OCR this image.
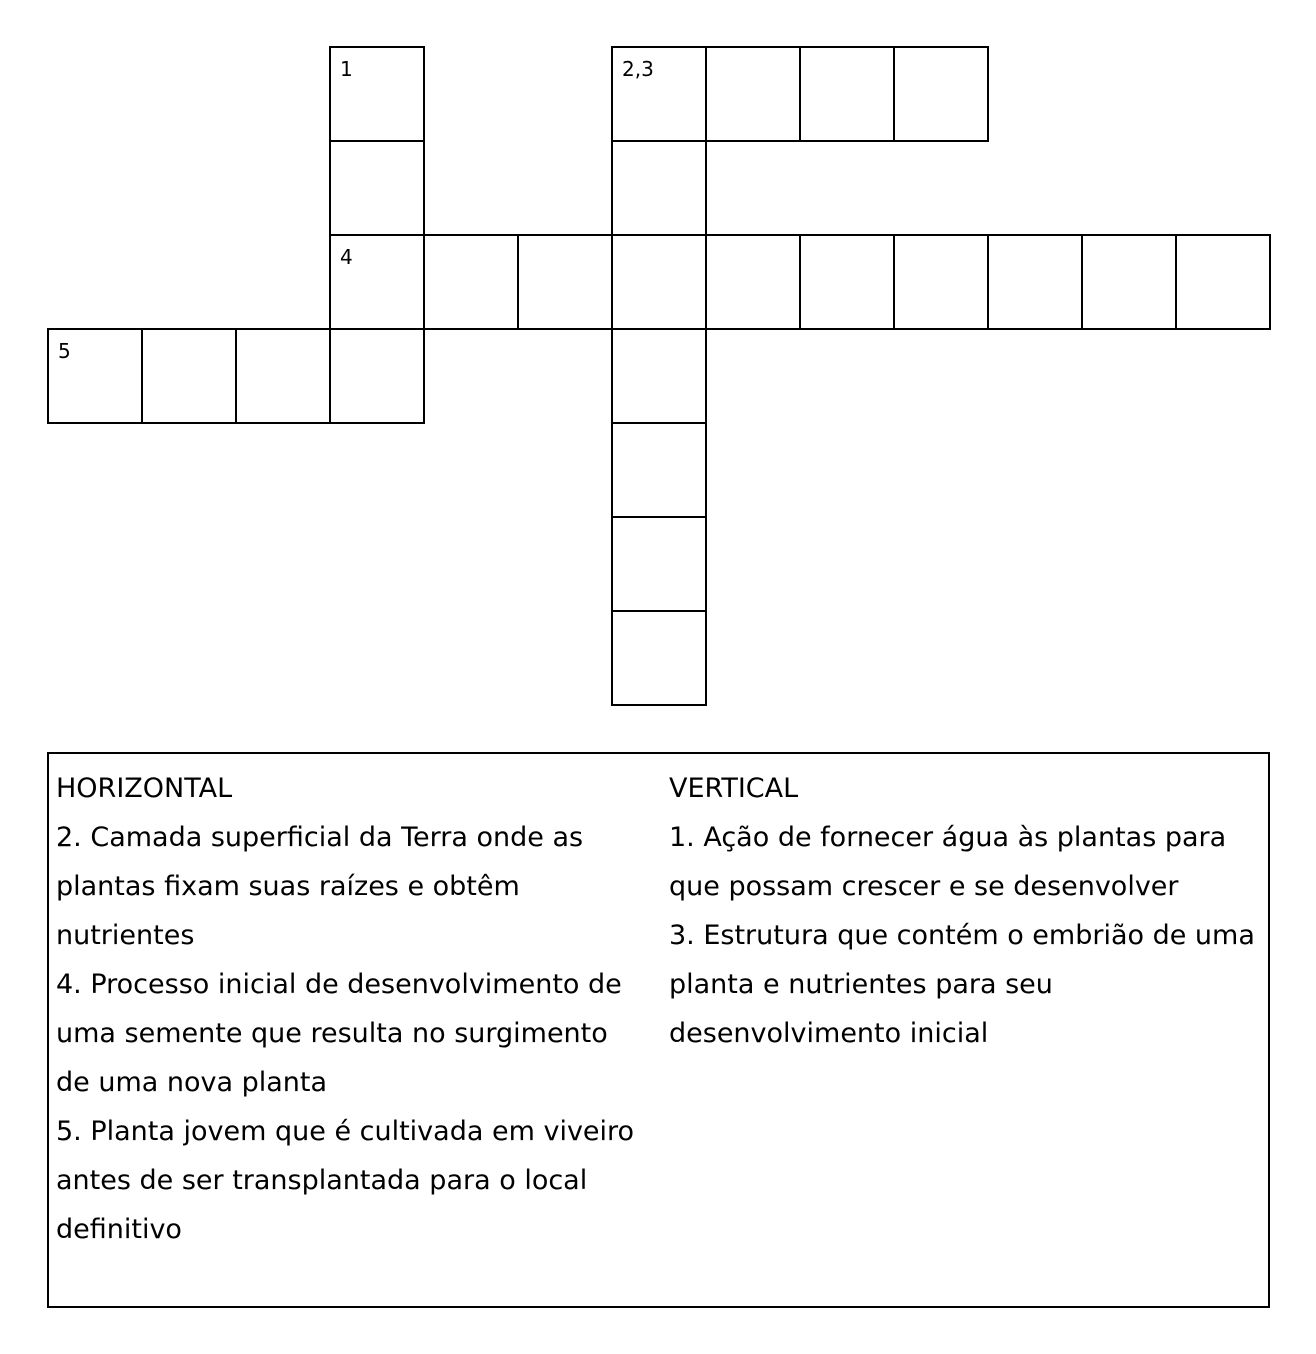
1
4
2,3
5
HORIZONTAL
2. Camada superficial da Terra onde as plantas fixam suas raízes e obtêm nutrientes
4. Processo inicial de desenvolvimento de uma semente que resulta no surgimento de uma nova planta
5. Planta jovem que é cultivada em viveiro antes de ser transplantada para o local definitivo
VERTICAL
1. Ação de fornecer água às plantas para que possam crescer e se desenvolver
3. Estrutura que contém o embrião de uma planta e nutrientes para seu desenvolvimento inicial
